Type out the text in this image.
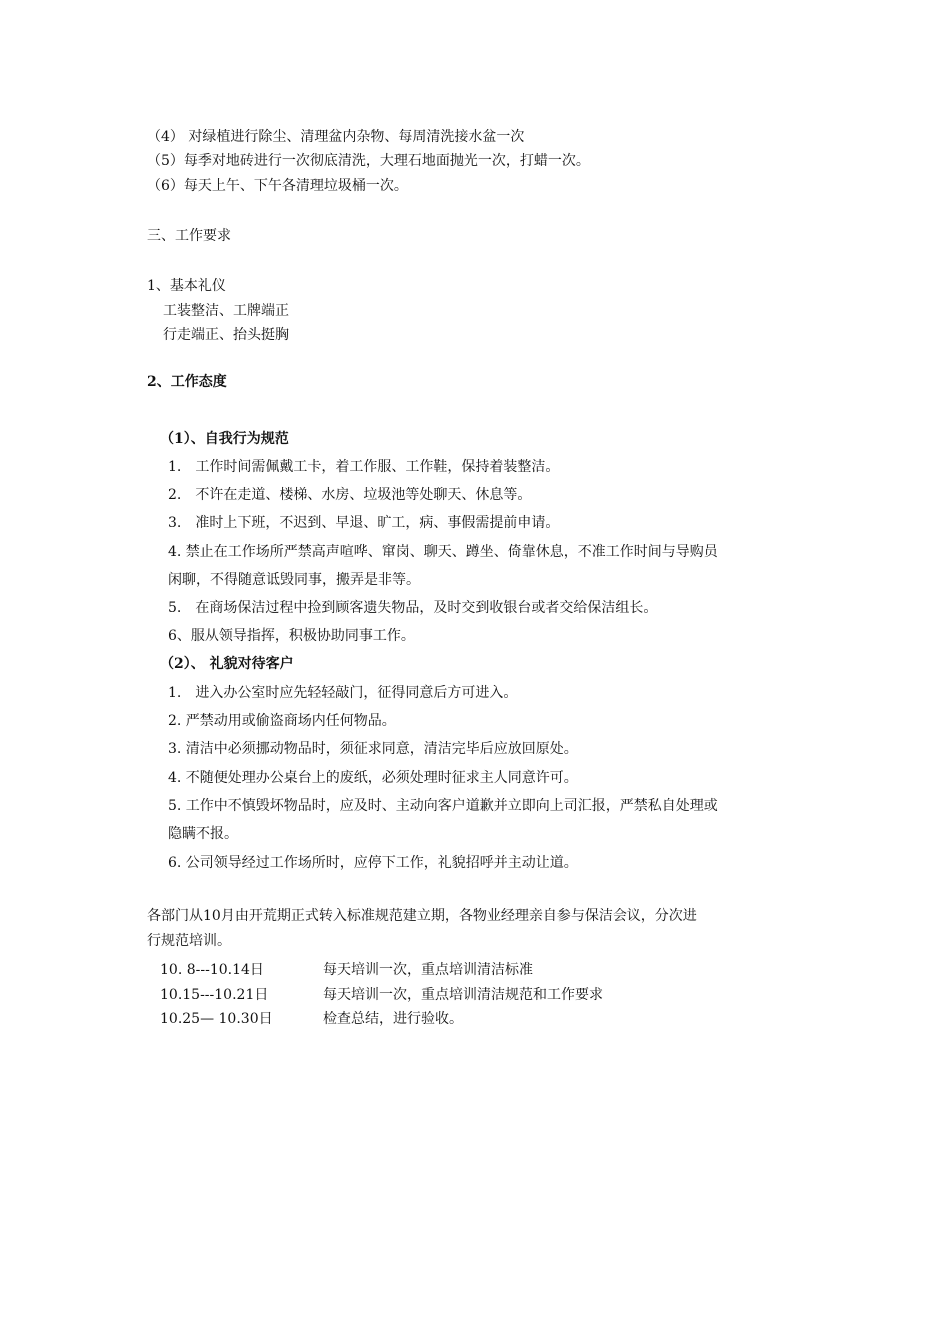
（4） 对绿植进行除尘、清理盆内杂物、每周清洗接水盆一次
（5）每季对地砖进行一次彻底清洗，大理石地面抛光一次，打蜡一次。
（6）每天上午、下午各清理垃圾桶一次。
三、工作要求
1、基本礼仪
工装整洁、工牌端正
行走端正、抬头挺胸
2、工作态度
（1）、自我行为规范
1.　工作时间需佩戴工卡，着工作服、工作鞋，保持着装整洁。
2.　不许在走道、楼梯、水房、垃圾池等处聊天、休息等。
3.　准时上下班，不迟到、早退、旷工，病、事假需提前申请。
4. 禁止在工作场所严禁高声喧哗、窜岗、聊天、蹲坐、倚靠休息，不准工作时间与导购员
闲聊，不得随意诋毁同事，搬弄是非等。
5.　在商场保洁过程中捡到顾客遗失物品，及时交到收银台或者交给保洁组长。
6、服从领导指挥，积极协助同事工作。
（2）、 礼貌对待客户
1.　进入办公室时应先轻轻敲门，征得同意后方可进入。
2. 严禁动用或偷盗商场内任何物品。
3. 清洁中必须挪动物品时，须征求同意，清洁完毕后应放回原处。
4. 不随便处理办公桌台上的废纸，必须处理时征求主人同意许可。
5. 工作中不慎毁坏物品时，应及时、主动向客户道歉并立即向上司汇报，严禁私自处理或
隐瞒不报。
6. 公司领导经过工作场所时，应停下工作，礼貌招呼并主动让道。
各部门从10月由开荒期正式转入标准规范建立期，各物业经理亲自参与保洁会议，分次进
行规范培训。
10. 8---10.14日	每天培训一次，重点培训清洁标准
10.15---10.21日	每天培训一次，重点培训清洁规范和工作要求
10.25— 10.30日	检查总结，进行验收。
